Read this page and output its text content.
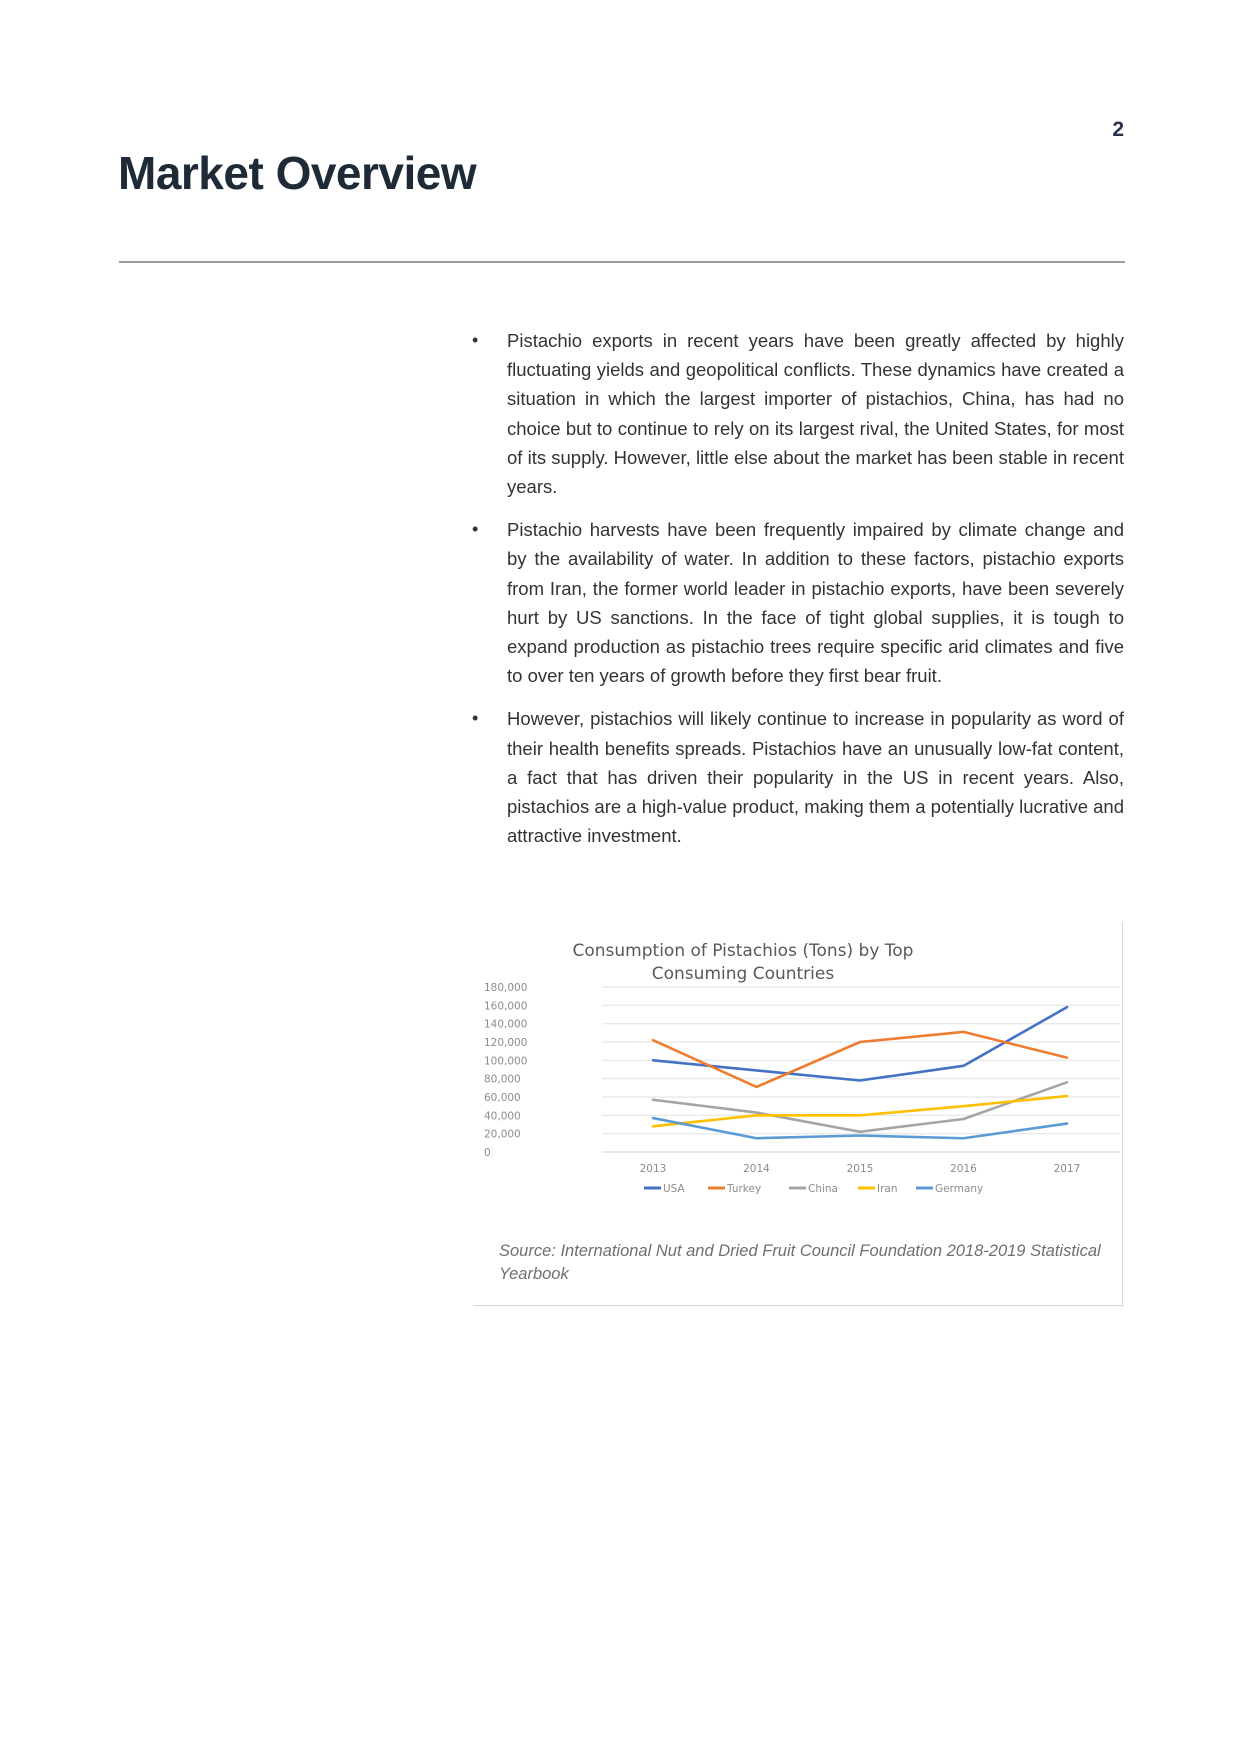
2
Market Overview
•	Pistachio exports in recent years have been greatly affected by highly fluctuating yields and geopolitical conflicts. These dynamics have created a situation in which the largest importer of pistachios, China, has had no choice but to continue to rely on its largest rival, the United States, for most of its supply. However, little else about the market has been stable in recent years.
•	Pistachio harvests have been frequently impaired by climate change and by the availability of water. In addition to these factors, pistachio exports from Iran, the former world leader in pistachio exports, have been severely hurt by US sanctions. In the face of tight global supplies, it is tough to expand production as pistachio trees require specific arid climates and five to over ten years of growth before they first bear fruit.
•	However, pistachios will likely continue to increase in popularity as word of their health benefits spreads. Pistachios have an unusually low-fat content, a fact that has driven their popularity in the US in recent years. Also, pistachios are a high-value product, making them a potentially lucrative and attractive investment.
Consumption of Pistachios (Tons) by Top
Consuming Countries
0
20,000
40,000
60,000
80,000
100,000
120,000
140,000
160,000
180,000
2013	2014	2015	2016	2017
USA	Turkey	China	Iran	Germany
Source: International Nut and Dried Fruit Council Foundation 2018-2019 Statistical Yearbook
